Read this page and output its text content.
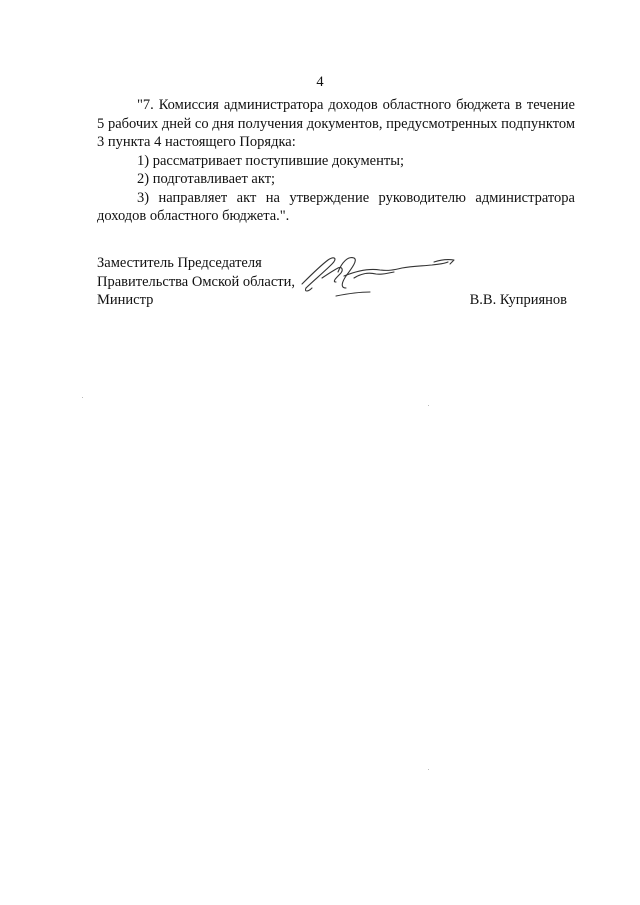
4

"7. Комиссия администратора доходов областного бюджета в течение 5 рабочих дней со дня получения документов, предусмотренных подпунктом 3 пункта 4 настоящего Порядка:

1) рассматривает поступившие документы;

2) подготавливает акт;

3) направляет акт на утверждение руководителю администратора доходов областного бюджета.".

Заместитель Председателя
Правительства Омской области,
Министр	В.В. Куприянов
